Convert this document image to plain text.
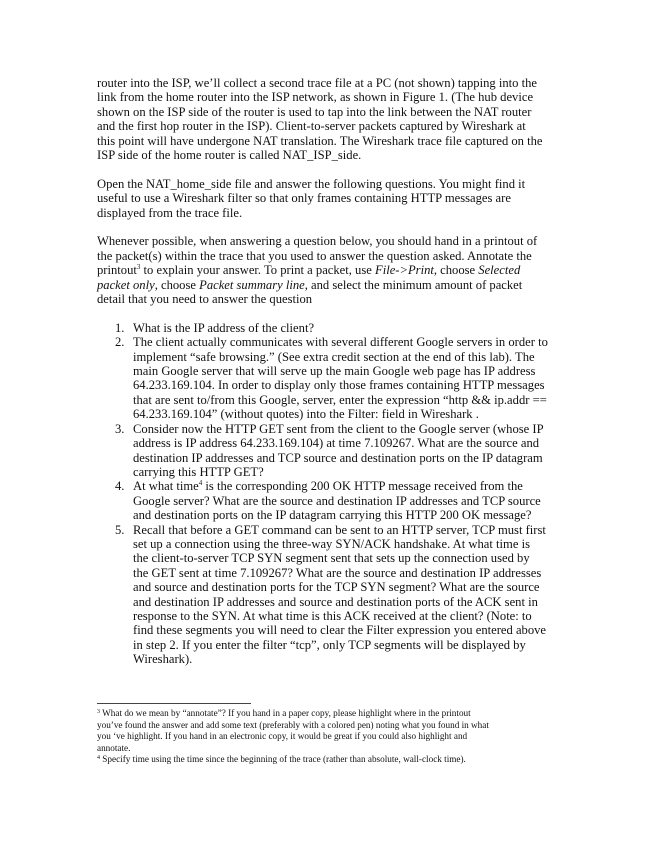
router into the ISP, we’ll collect a second trace file at a PC (not shown) tapping into the
link from the home router into the ISP network, as shown in Figure 1. (The hub device
shown on the ISP side of the router is used to tap into the link between the NAT router
and the first hop router in the ISP). Client-to-server packets captured by Wireshark at
this point will have undergone NAT translation. The Wireshark trace file captured on the
ISP side of the home router is called NAT_ISP_side.
Open the NAT_home_side file and answer the following questions. You might find it
useful to use a Wireshark filter so that only frames containing HTTP messages are
displayed from the trace file.
Whenever possible, when answering a question below, you should hand in a printout of
the packet(s) within the trace that you used to answer the question asked. Annotate the
printout$^3$ to explain your answer. To print a packet, use File->Print, choose Selected
packet only, choose Packet summary line, and select the minimum amount of packet
detail that you need to answer the question
1. What is the IP address of the client?
2. The client actually communicates with several different Google servers in order to
implement “safe browsing.” (See extra credit section at the end of this lab). The
main Google server that will serve up the main Google web page has IP address
64.233.169.104. In order to display only those frames containing HTTP messages
that are sent to/from this Google, server, enter the expression “http && ip.addr ==
64.233.169.104” (without quotes) into the Filter: field in Wireshark .
3. Consider now the HTTP GET sent from the client to the Google server (whose IP
address is IP address 64.233.169.104) at time 7.109267. What are the source and
destination IP addresses and TCP source and destination ports on the IP datagram
carrying this HTTP GET?
4. At what time$^4$ is the corresponding 200 OK HTTP message received from the
Google server? What are the source and destination IP addresses and TCP source
and destination ports on the IP datagram carrying this HTTP 200 OK message?
5. Recall that before a GET command can be sent to an HTTP server, TCP must first
set up a connection using the three-way SYN/ACK handshake. At what time is
the client-to-server TCP SYN segment sent that sets up the connection used by
the GET sent at time 7.109267? What are the source and destination IP addresses
and source and destination ports for the TCP SYN segment? What are the source
and destination IP addresses and source and destination ports of the ACK sent in
response to the SYN. At what time is this ACK received at the client? (Note: to
find these segments you will need to clear the Filter expression you entered above
in step 2. If you enter the filter “tcp”, only TCP segments will be displayed by
Wireshark).
$^3$ What do we mean by “annotate”? If you hand in a paper copy, please highlight where in the printout
you’ve found the answer and add some text (preferably with a colored pen) noting what you found in what
you ‘ve highlight. If you hand in an electronic copy, it would be great if you could also highlight and
annotate.
$^4$ Specify time using the time since the beginning of the trace (rather than absolute, wall-clock time).
